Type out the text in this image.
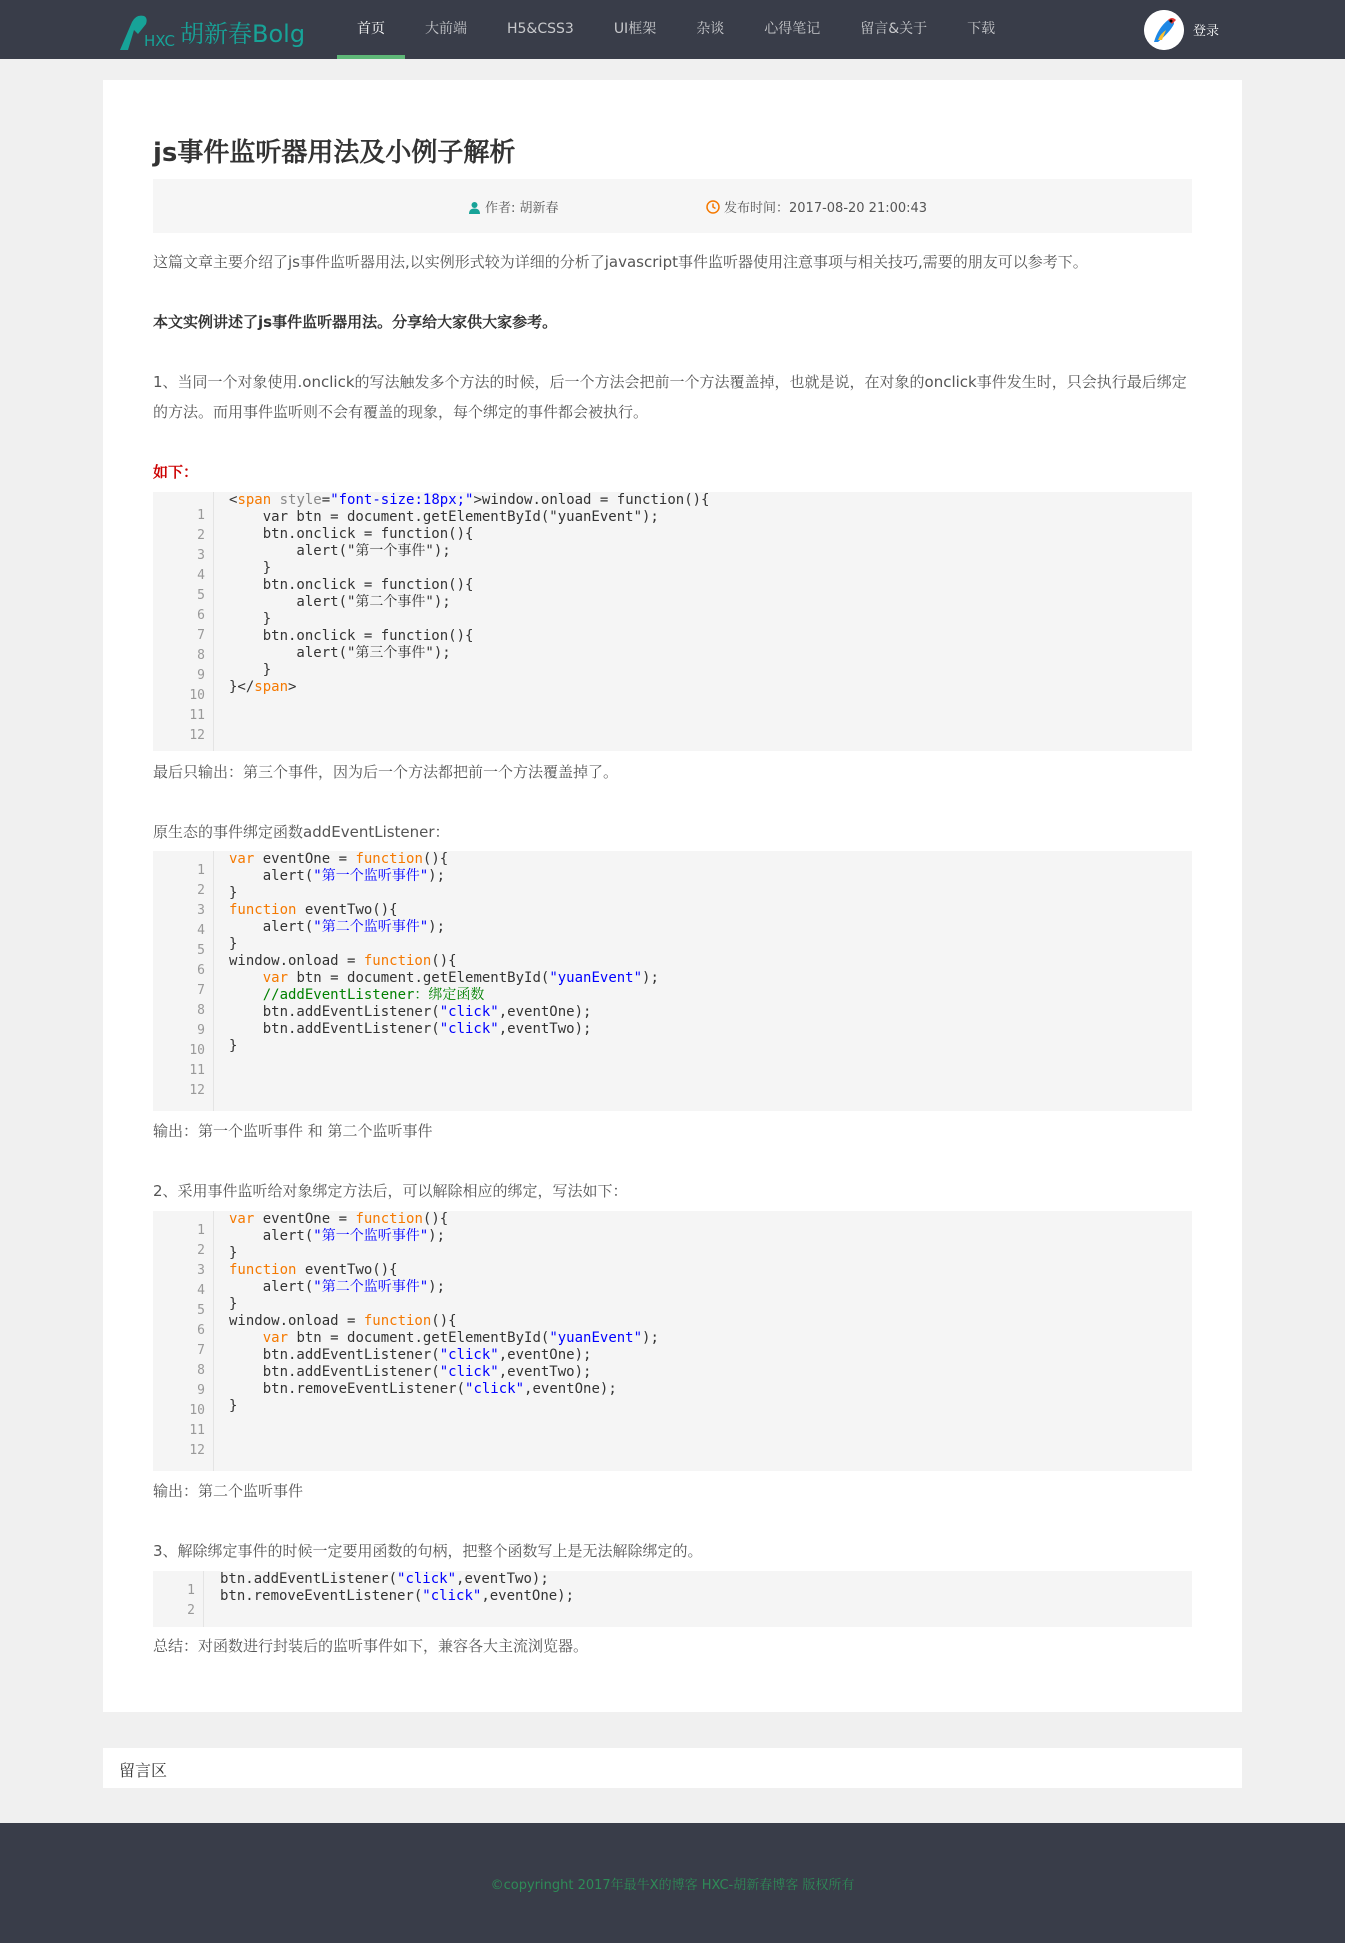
HXC 胡新春Bolg	首页	大前端	H5&CSS3	UI框架	杂谈	心得笔记	留言&关于	下载	登录
js事件监听器用法及小例子解析
作者: 胡新春	发布时间：2017-08-20 21:00:43

这篇文章主要介绍了js事件监听器用法,以实例形式较为详细的分析了javascript事件监听器使用注意事项与相关技巧,需要的朋友可以参考下。

本文实例讲述了js事件监听器用法。分享给大家供大家参考。

1、当同一个对象使用.onclick的写法触发多个方法的时候，后一个方法会把前一个方法覆盖掉，也就是说，在对象的onclick事件发生时，只会执行最后绑定的方法。而用事件监听则不会有覆盖的现象，每个绑定的事件都会被执行。

如下：

1
2
3
4
5
6
7
8
9
10
11
12
<span style="font-size:18px;">window.onload = function(){
var btn = document.getElementById("yuanEvent");
btn.onclick = function(){
alert("第一个事件");
}
btn.onclick = function(){
alert("第二个事件");
}
btn.onclick = function(){
alert("第三个事件");
}
}</span>

最后只输出：第三个事件，因为后一个方法都把前一个方法覆盖掉了。

原生态的事件绑定函数addEventListener：

1
2
3
4
5
6
7
8
9
10
11
12
var eventOne = function(){
alert("第一个监听事件");
}
function eventTwo(){
alert("第二个监听事件");
}
window.onload = function(){
var btn = document.getElementById("yuanEvent");
//addEventListener：绑定函数
btn.addEventListener("click",eventOne);
btn.addEventListener("click",eventTwo);
}

输出：第一个监听事件 和 第二个监听事件

2、采用事件监听给对象绑定方法后，可以解除相应的绑定，写法如下：

1
2
3
4
5
6
7
8
9
10
11
12
var eventOne = function(){
alert("第一个监听事件");
}
function eventTwo(){
alert("第二个监听事件");
}
window.onload = function(){
var btn = document.getElementById("yuanEvent");
btn.addEventListener("click",eventOne);
btn.addEventListener("click",eventTwo);
btn.removeEventListener("click",eventOne);
}

输出：第二个监听事件

3、解除绑定事件的时候一定要用函数的句柄，把整个函数写上是无法解除绑定的。

1
2
btn.addEventListener("click",eventTwo);
btn.removeEventListener("click",eventOne);

总结：对函数进行封装后的监听事件如下，兼容各大主流浏览器。

留言区
©copyringht 2017年最牛X的博客 HXC-胡新春博客 版权所有
